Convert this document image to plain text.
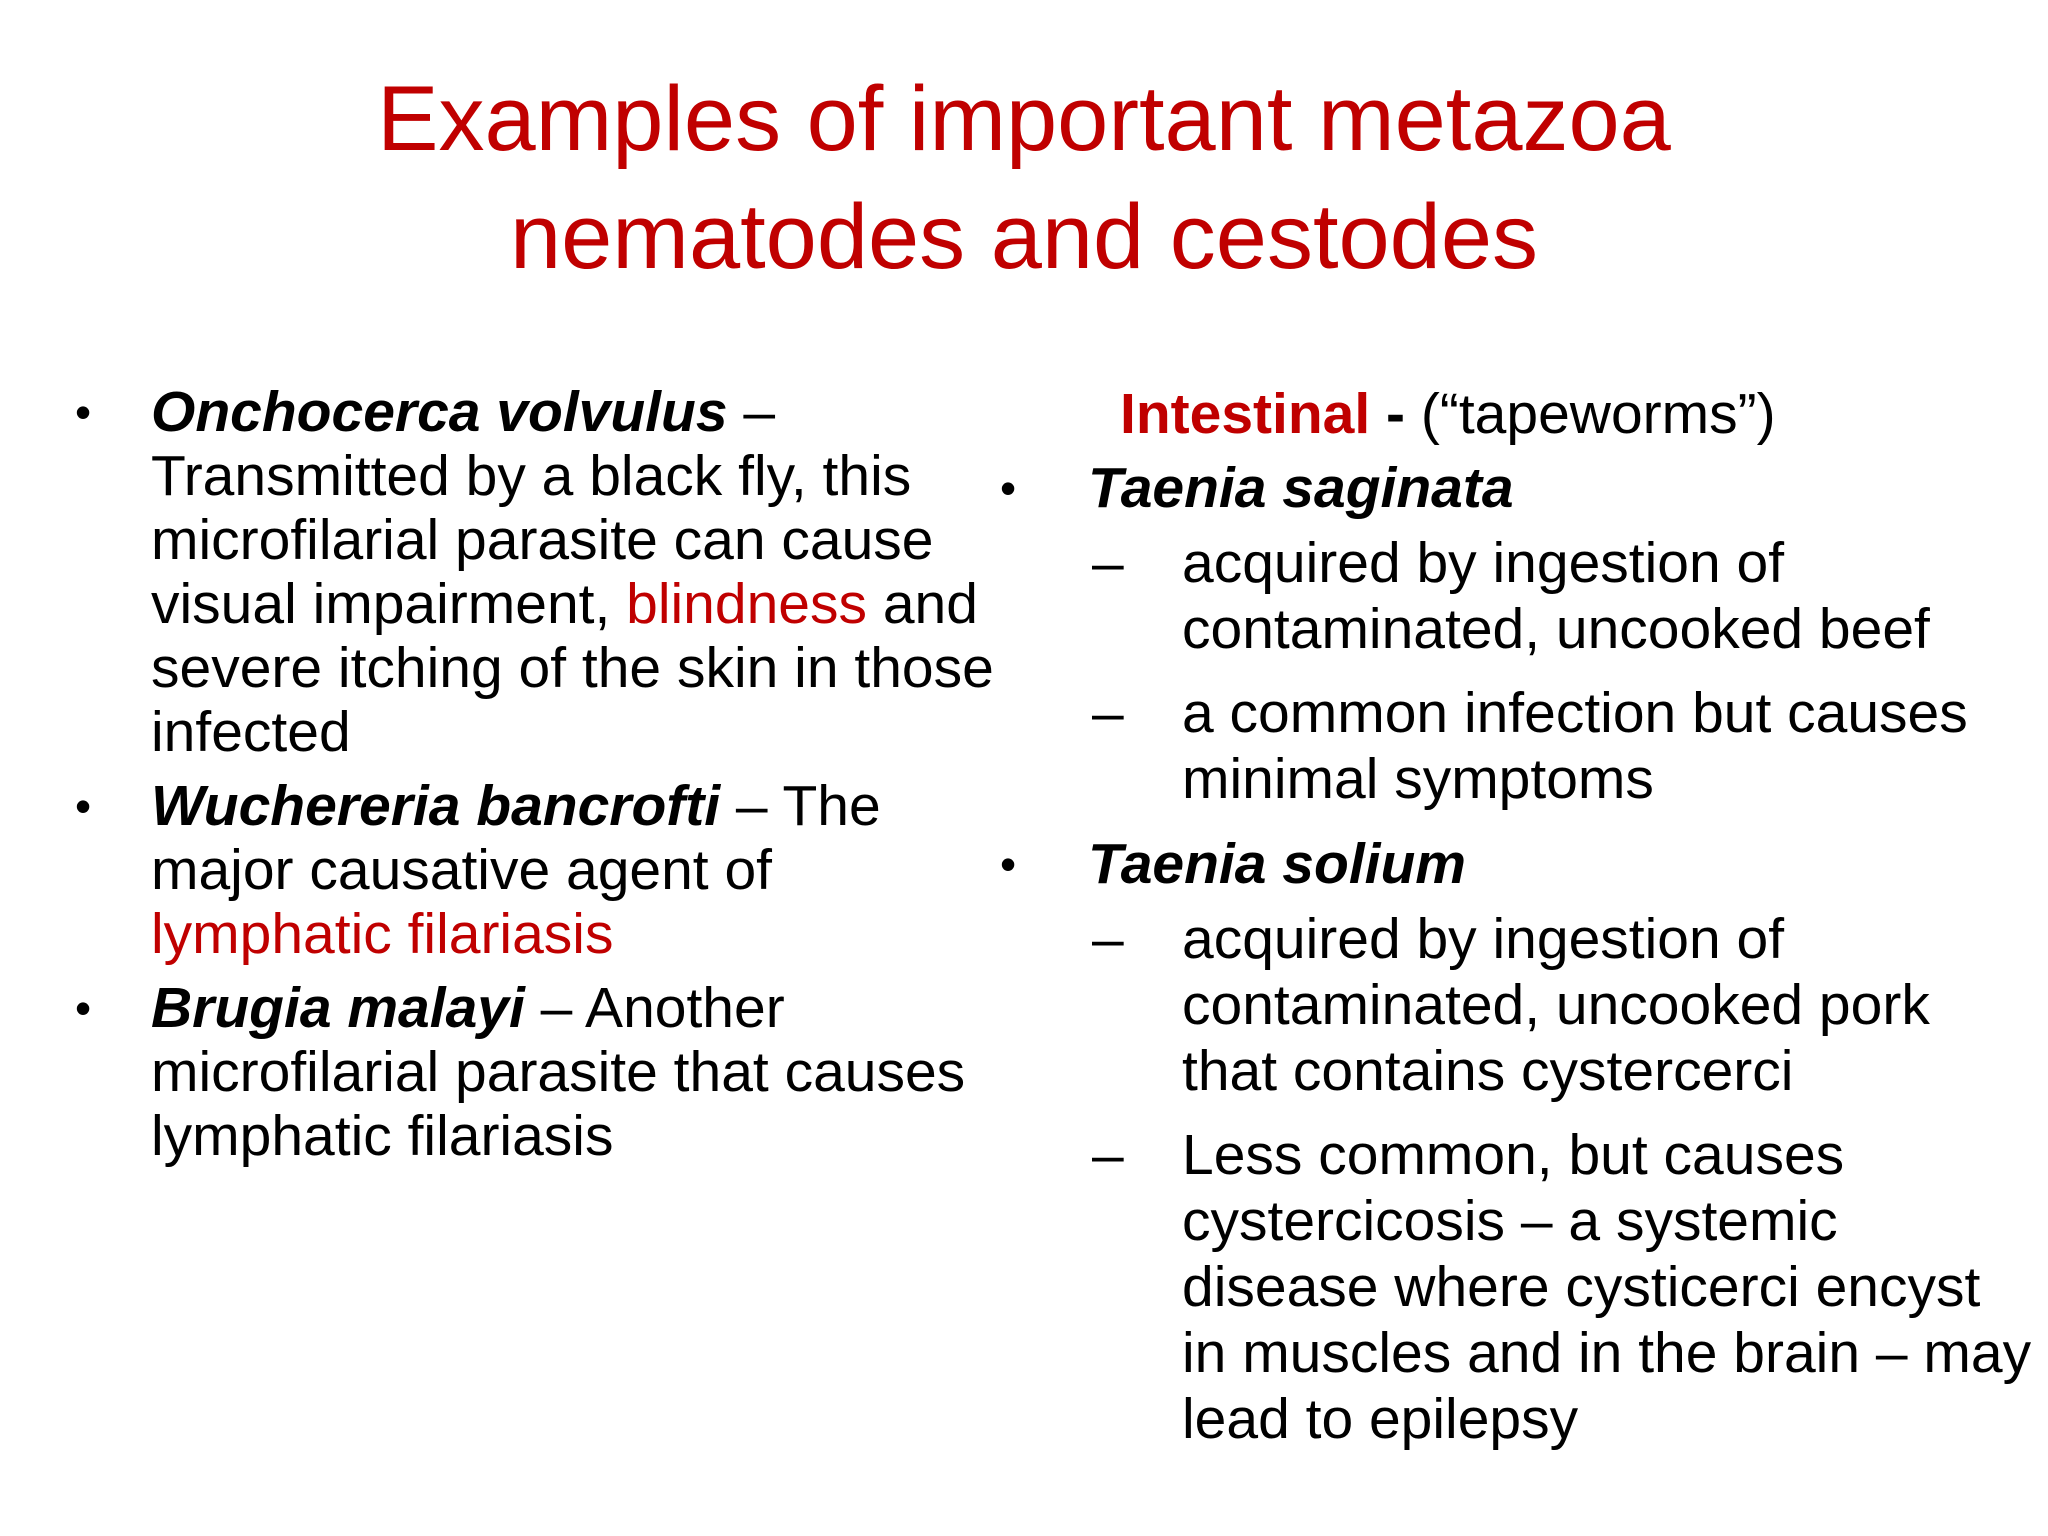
Examples of important metazoa
nematodes and cestodes
• Onchocerca volvulus – Transmitted by a black fly, this microfilarial parasite can cause visual impairment, blindness and severe itching of the skin in those infected
• Wuchereria bancrofti – The major causative agent of lymphatic filariasis
• Brugia malayi – Another microfilarial parasite that causes lymphatic filariasis
Intestinal - (“tapeworms”)
• Taenia saginata
– acquired by ingestion of contaminated, uncooked beef
– a common infection but causes minimal symptoms
• Taenia solium
– acquired by ingestion of contaminated, uncooked pork that contains cystercerci
– Less common, but causes cystercicosis – a systemic disease where cysticerci encyst in muscles and in the brain – may lead to epilepsy
